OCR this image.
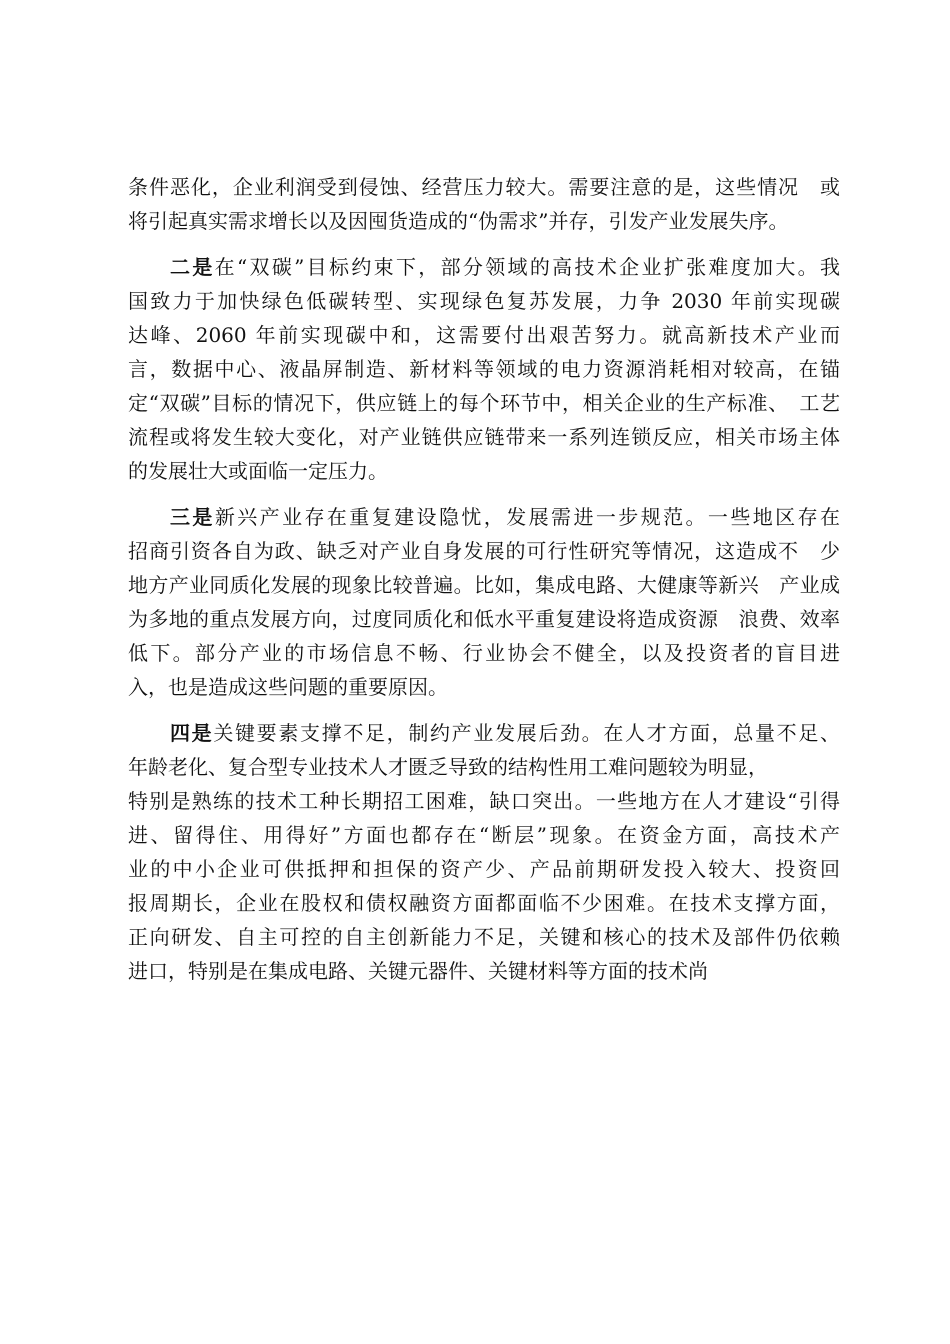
条件恶化，企业利润受到侵蚀、经营压力较大。需要注意的是，这些情况　或
将引起真实需求增长以及因囤货造成的“伪需求”并存，引发产业发展失序。
二是在“双碳”目标约束下，部分领域的高技术企业扩张难度加大。我
国致力于加快绿色低碳转型、实现绿色复苏发展，力争 2030 年前实现碳
达峰、2060 年前实现碳中和，这需要付出艰苦努力。就高新技术产业而
言，数据中心、液晶屏制造、新材料等领域的电力资源消耗相对较高，在锚
定“双碳”目标的情况下，供应链上的每个环节中，相关企业的生产标准、　工艺
流程或将发生较大变化，对产业链供应链带来一系列连锁反应，相关市场主体
的发展壮大或面临一定压力。
三是新兴产业存在重复建设隐忧，发展需进一步规范。一些地区存在
招商引资各自为政、缺乏对产业自身发展的可行性研究等情况，这造成不　少
地方产业同质化发展的现象比较普遍。比如，集成电路、大健康等新兴　产业成
为多地的重点发展方向，过度同质化和低水平重复建设将造成资源　浪费、效率
低下。部分产业的市场信息不畅、行业协会不健全，以及投资者的盲目进
入，也是造成这些问题的重要原因。
四是关键要素支撑不足，制约产业发展后劲。在人才方面，总量不足、
年龄老化、复合型专业技术人才匮乏导致的结构性用工难问题较为明显，
特别是熟练的技术工种长期招工困难，缺口突出。一些地方在人才建设“引得
进、留得住、用得好”方面也都存在“断层”现象。在资金方面，高技术产
业的中小企业可供抵押和担保的资产少、产品前期研发投入较大、投资回
报周期长，企业在股权和债权融资方面都面临不少困难。在技术支撑方面，
正向研发、自主可控的自主创新能力不足，关键和核心的技术及部件仍依赖
进口，特别是在集成电路、关键元器件、关键材料等方面的技术尚
